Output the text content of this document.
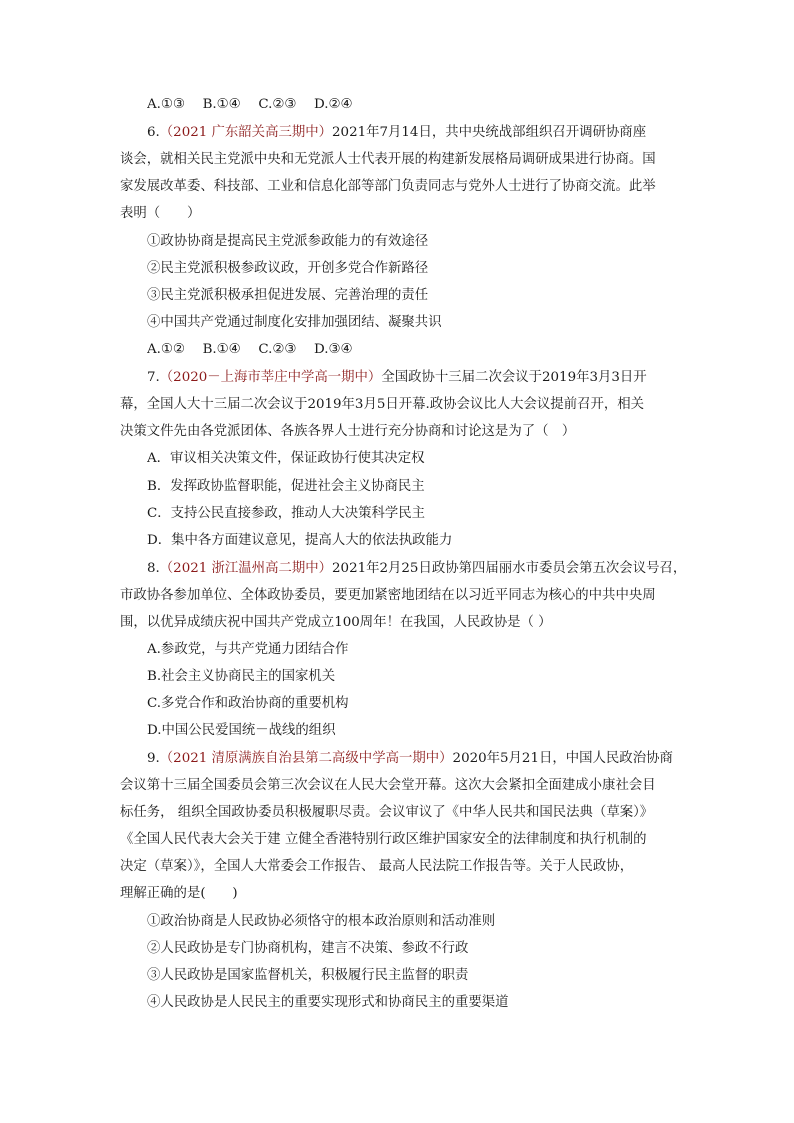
A.①③　 B.①④　 C.②③　 D.②④
6.（2021 广东韶关高三期中）2021年7月14日，共中央统战部组织召开调研协商座
谈会，就相关民主党派中央和无党派人士代表开展的构建新发展格局调研成果进行协商。国
家发展改革委、科技部、工业和信息化部等部门负责同志与党外人士进行了协商交流。此举
表明（　　）
①政协协商是提高民主党派参政能力的有效途径
②民主党派积极参政议政，开创多党合作新路径
③民主党派积极承担促进发展、完善治理的责任
④中国共产党通过制度化安排加强团结、凝聚共识
A.①②　 B.①④　 C.②③　 D.③④
7.（2020－上海市莘庄中学高一期中）全国政协十三届二次会议于2019年3月3日开
幕，全国人大十三届二次会议于2019年3月5日开幕.政协会议比人大会议提前召开，相关
决策文件先由各党派团体、各族各界人士进行充分协商和讨论这是为了（　）
A．审议相关决策文件，保证政协行使其决定权
B．发挥政协监督职能，促进社会主义协商民主
C．支持公民直接参政，推动人大决策科学民主
D．集中各方面建议意见，提高人大的依法执政能力
8.（2021 浙江温州高二期中）2021年2月25日政协第四届丽水市委员会第五次会议号召，
市政协各参加单位、全体政协委员，要更加紧密地团结在以习近平同志为核心的中共中央周
围，以优异成绩庆祝中国共产党成立100周年！在我国，人民政协是（ ）
A.参政党，与共产党通力团结合作
B.社会主义协商民主的国家机关
C.多党合作和政治协商的重要机构
D.中国公民爱国统－战线的组织
9.（2021 清原满族自治县第二高级中学高一期中）2020年5月21日，中国人民政治协商
会议第十三届全国委员会第三次会议在人民大会堂开幕。这次大会紧扣全面建成小康社会目
标任务， 组织全国政协委员积极履职尽责。会议审议了《中华人民共和国民法典（草案）》
《全国人民代表大会关于建 立健全香港特别行政区维护国家安全的法律制度和执行机制的
决定（草案）》，全国人大常委会工作报告、 最高人民法院工作报告等。关于人民政协，
理解正确的是(　　)
①政治协商是人民政协必须恪守的根本政治原则和活动准则
②人民政协是专门协商机构，建言不决策、参政不行政
③人民政协是国家监督机关，积极履行民主监督的职责
④人民政协是人民民主的重要实现形式和协商民主的重要渠道
